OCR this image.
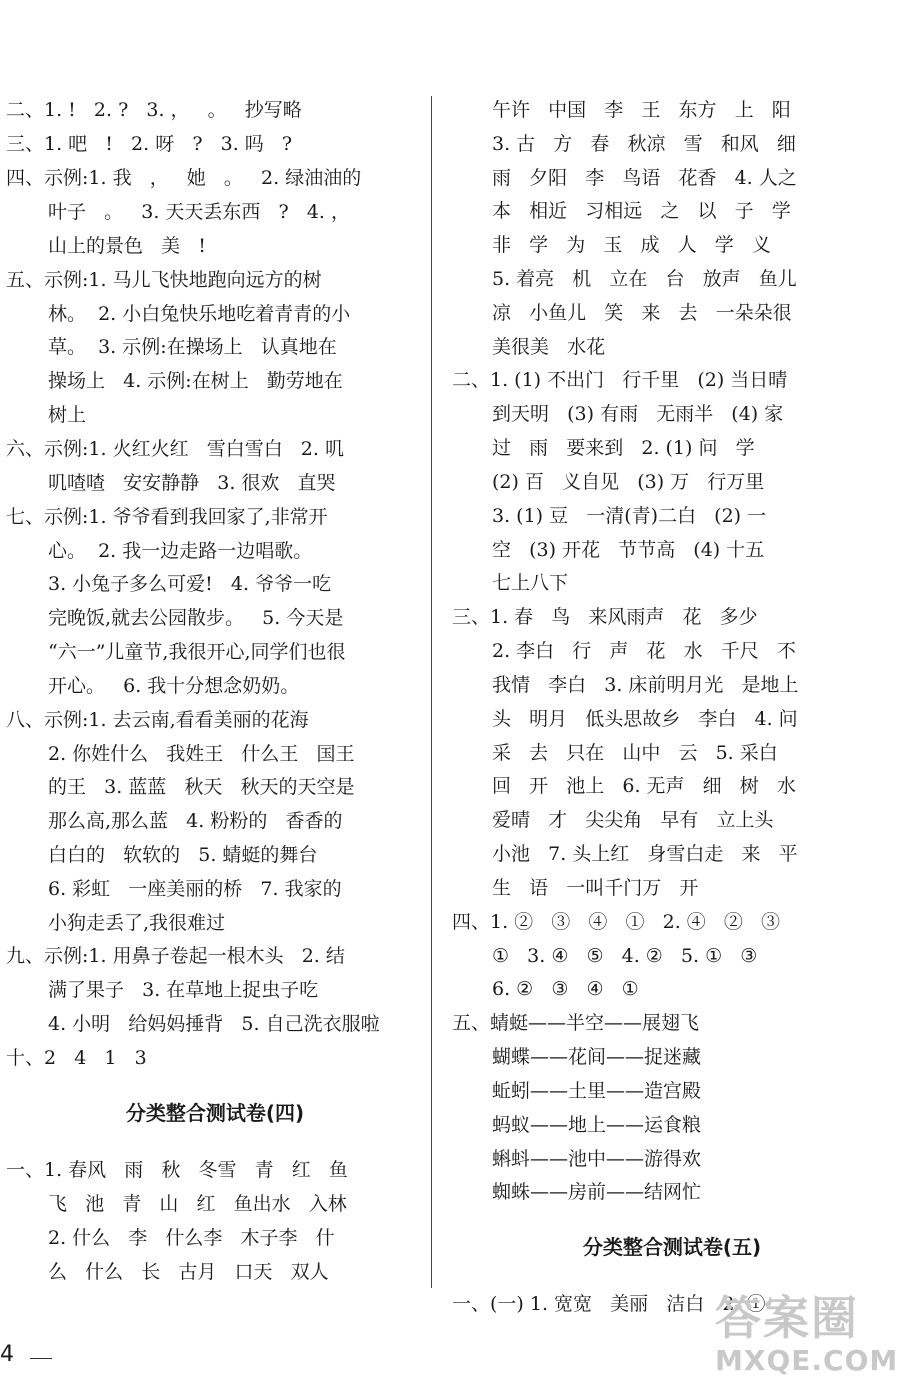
二、1. !   2. ?   3. ，   。   抄写略
三、1. 吧   !   2. 呀   ?   3. 吗   ?
四、示例:1. 我   ，   她   。   2. 绿油油的
叶子   。   3. 天天丢东西   ?   4. ，
山上的景色   美   !
五、示例:1. 马儿飞快地跑向远方的树
林。  2. 小白兔快乐地吃着青青的小
草。  3. 示例:在操场上   认真地在
操场上   4. 示例:在树上   勤劳地在
树上
六、示例:1. 火红火红   雪白雪白   2. 叽
叽喳喳   安安静静   3. 很欢   直哭
七、示例:1. 爷爷看到我回家了,非常开
心。  2. 我一边走路一边唱歌。
3. 小兔子多么可爱!   4. 爷爷一吃
完晚饭,就去公园散步。   5. 今天是
“六一”儿童节,我很开心,同学们也很
开心。   6. 我十分想念奶奶。
八、示例:1. 去云南,看看美丽的花海
2. 你姓什么   我姓王   什么王   国王
的王   3. 蓝蓝   秋天   秋天的天空是
那么高,那么蓝   4. 粉粉的   香香的
白白的   软软的   5. 蜻蜓的舞台
6. 彩虹   一座美丽的桥   7. 我家的
小狗走丢了,我很难过
九、示例:1. 用鼻子卷起一根木头   2. 结
满了果子   3. 在草地上捉虫子吃
4. 小明   给妈妈捶背   5. 自己洗衣服啦
十、2   4   1   3
分类整合测试卷(四)
一、1. 春风   雨   秋   冬雪   青   红   鱼
飞   池   青   山   红   鱼出水   入林
2. 什么   李   什么李   木子李   什
么   什么   长   古月   口天   双人
午许   中国   李   王   东方   上   阳
3. 古   方   春   秋凉   雪   和风   细
雨   夕阳   李   鸟语   花香   4. 人之
本   相近   习相远   之   以   子   学
非   学   为   玉   成   人   学   义
5. 着亮   机   立在   台   放声   鱼儿
凉   小鱼儿   笑   来   去   一朵朵很
美很美   水花
二、1. (1) 不出门   行千里   (2) 当日晴
到天明   (3) 有雨   无雨半   (4) 家
过   雨   要来到   2. (1) 问   学
(2) 百   义自见   (3) 万   行万里
3. (1) 豆   一清(青)二白   (2) 一
空   (3) 开花   节节高   (4) 十五
七上八下
三、1. 春   鸟   来风雨声   花   多少
2. 李白   行   声   花   水   千尺   不
我情   李白   3. 床前明月光   是地上
头   明月   低头思故乡   李白   4. 问
采   去   只在   山中   云   5. 采白
回   开   池上   6. 无声   细   树   水
爱晴   才   尖尖角   早有   立上头
小池   7. 头上红   身雪白走   来   平
生   语   一叫千门万   开
四、1. ②   ③   ④   ①   2. ④   ②   ③
①   3. ④   ⑤   4. ②   5. ①   ③
6. ②   ③   ④   ①
五、蜻蜓——半空——展翅飞
蝴蝶——花间——捉迷藏
蚯蚓——土里——造宫殿
蚂蚁——地上——运食粮
蝌蚪——池中——游得欢
蜘蛛——房前——结网忙
分类整合测试卷(五)
一、(一) 1. 宽宽   美丽   洁白   2. ①
4
答案圈
MXQE.COM
